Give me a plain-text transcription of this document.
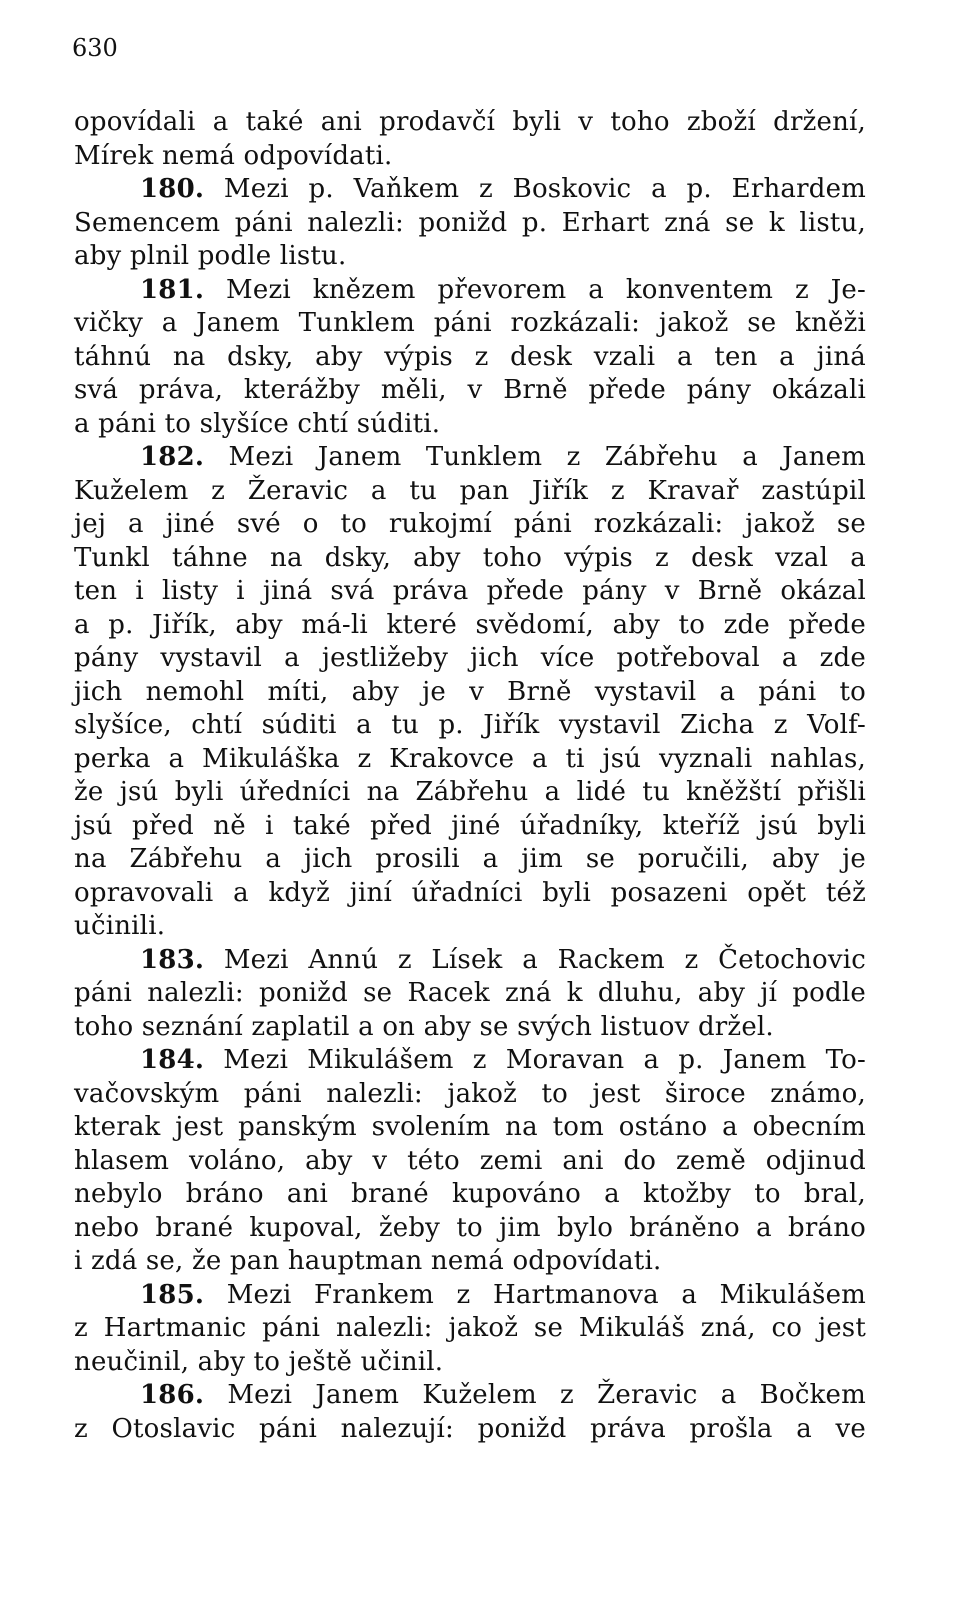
630
opovídali a také ani prodavčí byli v toho zboží držení,
Mírek nemá odpovídati.
180. Mezi p. Vaňkem z Boskovic a p. Erhardem
Semencem páni nalezli: ponižd p. Erhart zná se k listu,
aby plnil podle listu.
181. Mezi knězem převorem a konventem z Je-
vičky a Janem Tunklem páni rozkázali: jakož se kněži
táhnú na dsky, aby výpis z desk vzali a ten a jiná
svá práva, kterážby měli, v Brně přede pány okázali
a páni to slyšíce chtí súditi.
182. Mezi Janem Tunklem z Zábřehu a Janem
Kuželem z Žeravic a tu pan Jiřík z Kravař zastúpil
jej a jiné své o to rukojmí páni rozkázali: jakož se
Tunkl táhne na dsky, aby toho výpis z desk vzal a
ten i listy i jiná svá práva přede pány v Brně okázal
a p. Jiřík, aby má-li které svědomí, aby to zde přede
pány vystavil a jestližeby jich více potřeboval a zde
jich nemohl míti, aby je v Brně vystavil a páni to
slyšíce, chtí súditi a tu p. Jiřík vystavil Zicha z Volf-
perka a Mikuláška z Krakovce a ti jsú vyznali nahlas,
že jsú byli úředníci na Zábřehu a lidé tu kněžští přišli
jsú před ně i také před jiné úřadníky, kteříž jsú byli
na Zábřehu a jich prosili a jim se poručili, aby je
opravovali a když jiní úřadníci byli posazeni opět též
učinili.
183. Mezi Annú z Lísek a Rackem z Četochovic
páni nalezli: ponižd se Racek zná k dluhu, aby jí podle
toho seznání zaplatil a on aby se svých listuov držel.
184. Mezi Mikulášem z Moravan a p. Janem To-
vačovským páni nalezli: jakož to jest široce známo,
kterak jest panským svolením na tom ostáno a obecním
hlasem voláno, aby v této zemi ani do země odjinud
nebylo bráno ani brané kupováno a ktožby to bral,
nebo brané kupoval, žeby to jim bylo bráněno a bráno
i zdá se, že pan hauptman nemá odpovídati.
185. Mezi Frankem z Hartmanova a Mikulášem
z Hartmanic páni nalezli: jakož se Mikuláš zná, co jest
neučinil, aby to ještě učinil.
186. Mezi Janem Kuželem z Žeravic a Bočkem
z Otoslavic páni nalezují: ponižd práva prošla a ve
